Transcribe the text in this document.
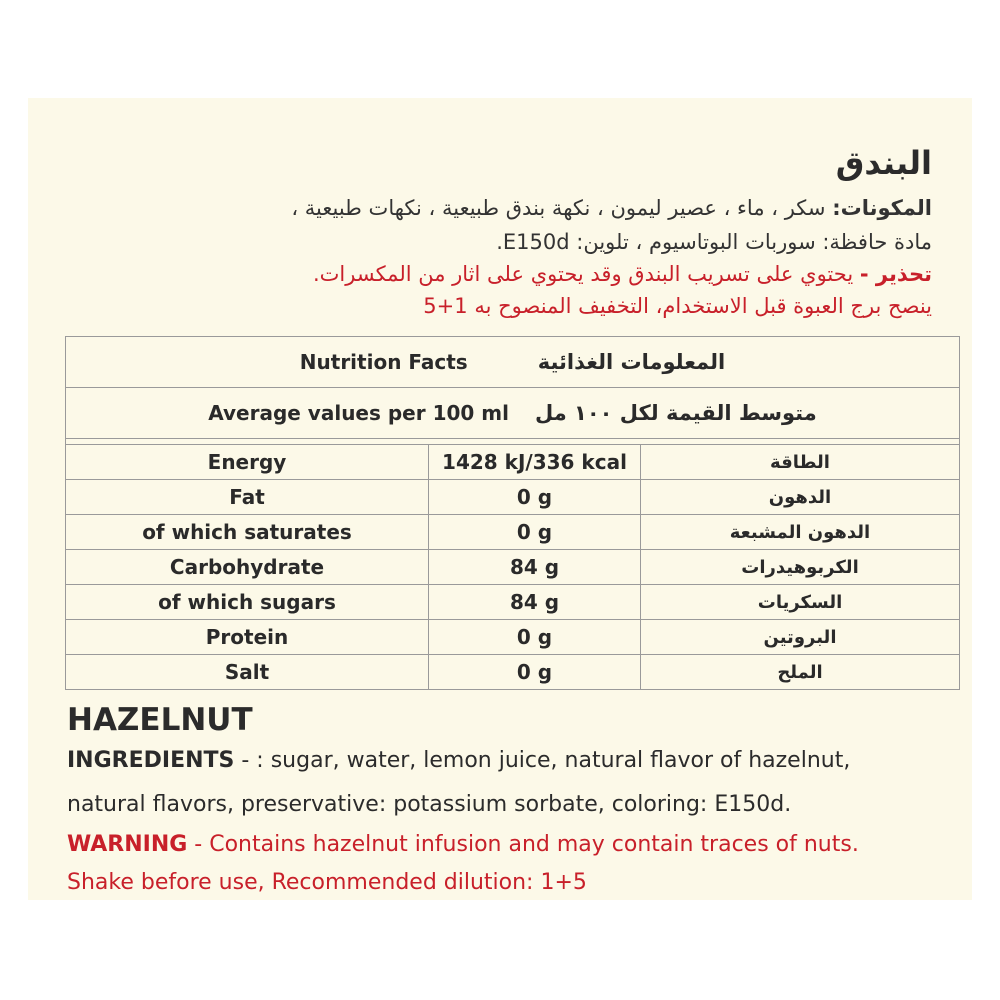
البندق
المكونات: سكر ، ماء ، عصير ليمون ، نكهة بندق طبيعية ، نكهات طبيعية ،
مادة حافظة: سوربات البوتاسيوم ، تلوين: E150d.
تحذير - يحتوي على تسريب البندق وقد يحتوي على اثار من المكسرات.
ينصح برج العبوة قبل الاستخدام، التخفيف المنصوح به 1+5
Nutrition Facts المعلومات الغذائية		

Average values per 100 ml متوسط القيمة لكل ١٠٠ مل		

Energy	1428 kJ/336 kcal	الطاقة
Fat	0 g	الدهون
of which saturates	0 g	الدهون المشبعة
Carbohydrate	84 g	الكربوهيدرات
of which sugars	84 g	السكريات
Protein	0 g	البروتين
Salt	0 g	الملح
HAZELNUT
INGREDIENTS - : sugar, water, lemon juice, natural flavor of hazelnut,
natural flavors, preservative: potassium sorbate, coloring: E150d.
WARNING - Contains hazelnut infusion and may contain traces of nuts.
Shake before use, Recommended dilution: 1+5
